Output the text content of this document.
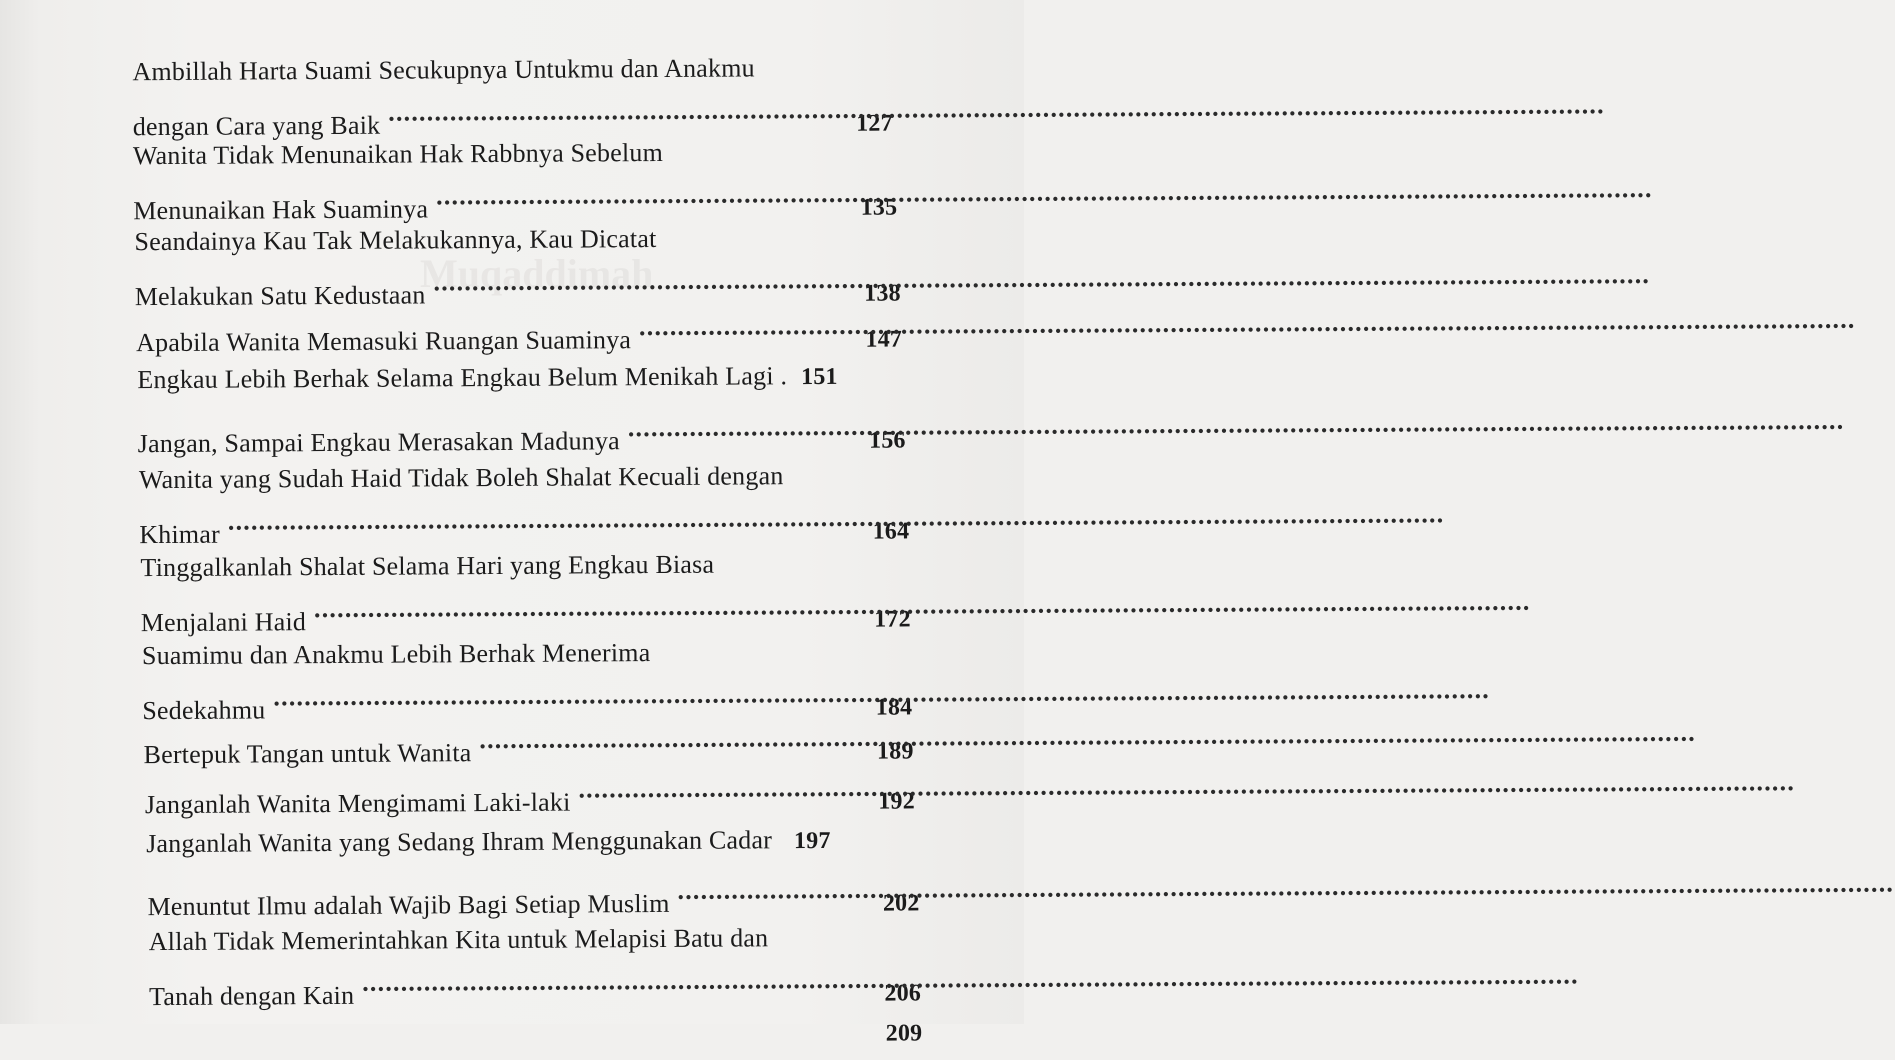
Muqaddimah
Ambillah Harta Suami Secukupnya Untukmu dan Anakmu
dengan Cara yang Baik .....	127
Wanita Tidak Menunaikan Hak Rabbnya Sebelum
Menunaikan Hak Suaminya .....	135
Seandainya Kau Tak Melakukannya, Kau Dicatat
Melakukan Satu Kedustaan .....	138
Apabila Wanita Memasuki Ruangan Suaminya .....	147
Engkau Lebih Berhak Selama Engkau Belum Menikah Lagi . 151
Jangan, Sampai Engkau Merasakan Madunya .....	156
Wanita yang Sudah Haid Tidak Boleh Shalat Kecuali dengan
Khimar .....	164
Tinggalkanlah Shalat Selama Hari yang Engkau Biasa
Menjalani Haid .....	172
Suamimu dan Anakmu Lebih Berhak Menerima
Sedekahmu .....	184
Bertepuk Tangan untuk Wanita .....	189
Janganlah Wanita Mengimami Laki-laki .....	192
Janganlah Wanita yang Sedang Ihram Menggunakan Cadar 197
Menuntut Ilmu adalah Wajib Bagi Setiap Muslim .....	202
Allah Tidak Memerintahkan Kita untuk Melapisi Batu dan
Tanah dengan Kain .....	206
209
